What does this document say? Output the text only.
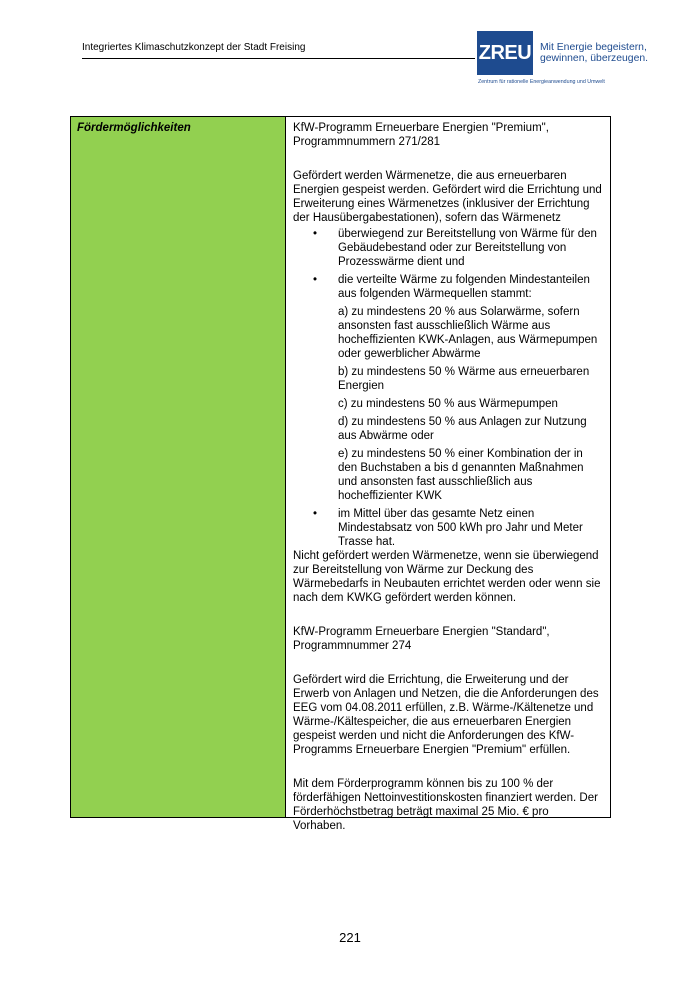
Integriertes Klimaschutzkonzept der Stadt Freising	ZREU Mit Energie begeistern,
gewinnen, überzeugen.
Zentrum für rationelle Energieanwendung und Umwelt
Fördermöglichkeiten	KfW-Programm Erneuerbare Energien "Premium", Programmnummern 271/281

Gefördert werden Wärmenetze, die aus erneuerbaren Energien gespeist werden. Gefördert wird die Errichtung und Erweiterung eines Wärmenetzes (inklusiver der Errichtung der Hausübergabestationen), sofern das Wärmenetz

• überwiegend zur Bereitstellung von Wärme für den Gebäudebestand oder zur Bereitstellung von Prozesswärme dient und
• die verteilte Wärme zu folgenden Mindestanteilen aus folgenden Wärmequellen stammt:
a) zu mindestens 20 % aus Solarwärme, sofern ansonsten fast ausschließlich Wärme aus hocheffizienten KWK-Anlagen, aus Wärmepumpen oder gewerblicher Abwärme
b) zu mindestens 50 % Wärme aus erneuerbaren Energien
c) zu mindestens 50 % aus Wärmepumpen
d) zu mindestens 50 % aus Anlagen zur Nutzung aus Abwärme oder
e) zu mindestens 50 % einer Kombination der in den Buchstaben a bis d genannten Maßnahmen und ansonsten fast ausschließlich aus hocheffizienter KWK
• im Mittel über das gesamte Netz einen Mindestabsatz von 500 kWh pro Jahr und Meter Trasse hat.

Nicht gefördert werden Wärmenetze, wenn sie überwiegend zur Bereitstellung von Wärme zur Deckung des Wärmebedarfs in Neubauten errichtet werden oder wenn sie nach dem KWKG gefördert werden können.

KfW-Programm Erneuerbare Energien "Standard", Programmnummer 274

Gefördert wird die Errichtung, die Erweiterung und der Erwerb von Anlagen und Netzen, die die Anforderungen des EEG vom 04.08.2011 erfüllen, z.B. Wärme-/Kältenetze und Wärme-/Kältespeicher, die aus erneuerbaren Energien gespeist werden und nicht die Anforderungen des KfW-Programms Erneuerbare Energien "Premium" erfüllen.

Mit dem Förderprogramm können bis zu 100 % der förderfähigen Nettoinvestitionskosten finanziert werden. Der Förderhöchstbetrag beträgt maximal 25 Mio. € pro Vorhaben.

221
